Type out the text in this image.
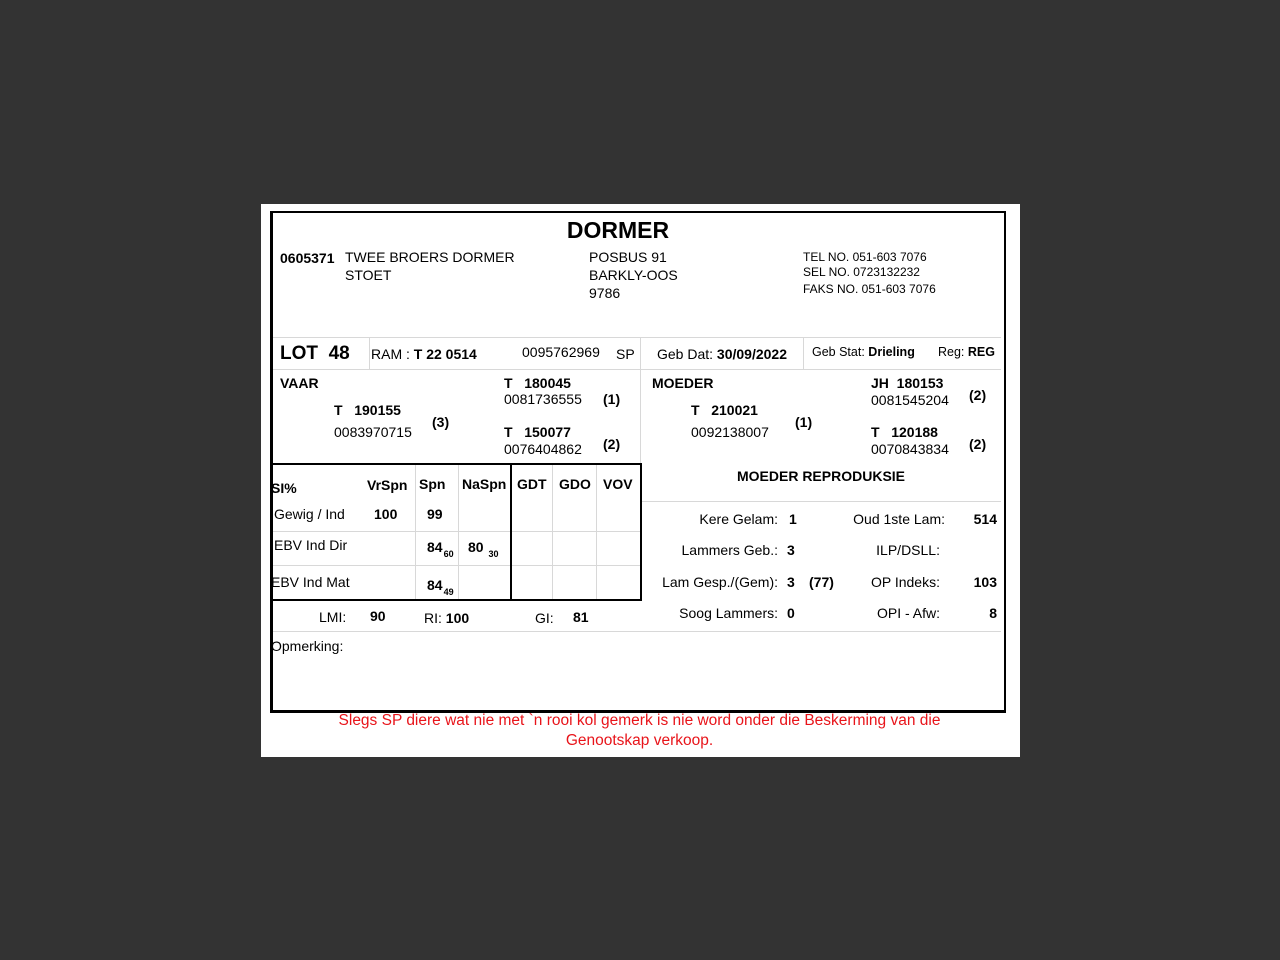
DORMER
0605371 TWEE BROERS DORMER
STOET
POSBUS 91
BARKLY-OOS
9786
TEL NO. 051-603 7076
SEL NO. 0723132232
FAKS NO. 051-603 7076
LOT 48 RAM : T 22 0514	0095762969 SP Geb Dat: 30/09/2022 Geb Stat: Drieling Reg: REG
VAAR
T   190155
0083970715
(3)
T   180045
0081736555 (1)
T   150077
0076404862 (2)
MOEDER
T   210021
0092138007
(1)
JH  180153
0081545204 (2)
T   120188
0070843834 (2)
SI%	VrSpn Spn NaSpn GDT GDO VOV
Gewig / Ind 100 99
EBV Ind Dir	$84_{60}$ 80 $_{30}$
EBV Ind Mat	$84_{49}$
LMI: 90	RI: 100	GI: 81
MOEDER REPRODUKSIE
Kere Gelam: 1	Oud 1ste Lam:	514
Lammers Geb.: 3	ILP/DSLL:
Lam Gesp./(Gem): 3 (77)	OP Indeks:	103
Soog Lammers: 0	OPI - Afw:	8
Opmerking:
Slegs SP diere wat nie met `n rooi kol gemerk is nie word onder die Beskerming van die
Genootskap verkoop.
